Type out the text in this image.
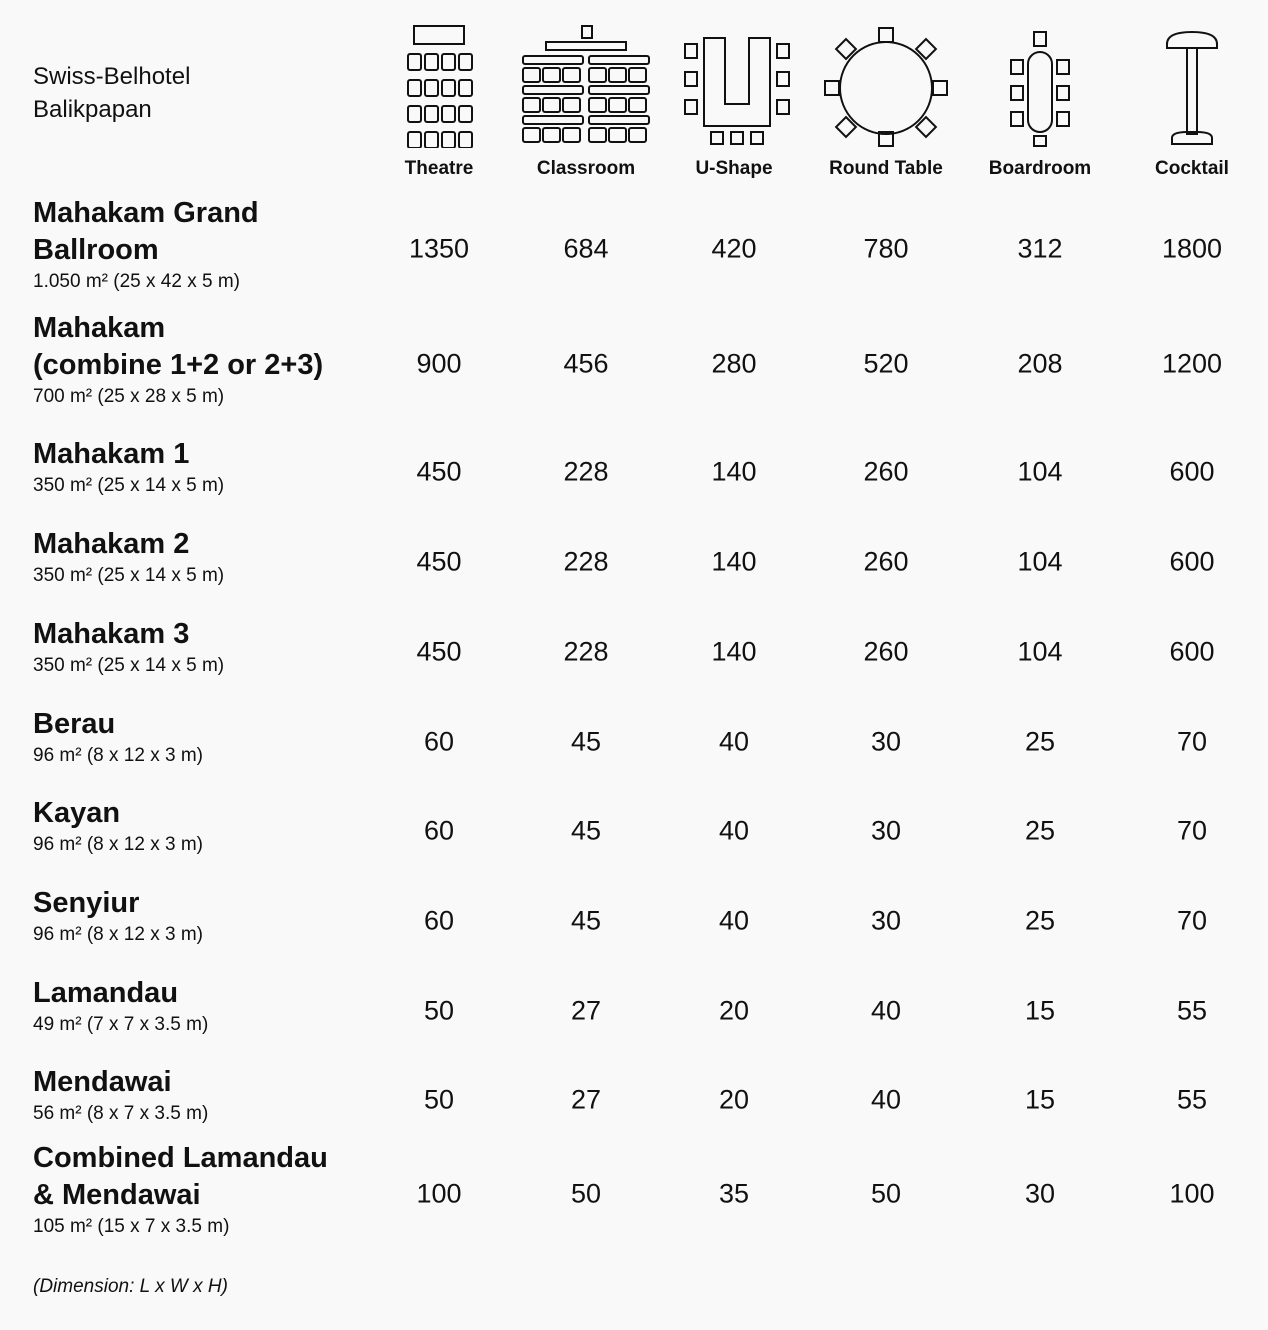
Swiss-Belhotel
Balikpapan
Theatre	Classroom	U-Shape	Round Table	Boardroom	Cocktail
Mahakam Grand
Ballroom
1.050 m² (25 x 42 x 5 m)
1350	684	420	780	312	1800
Mahakam
(combine 1+2 or 2+3)
700 m² (25 x 28 x 5 m)
900	456	280	520	208	1200
Mahakam 1
350 m² (25 x 14 x 5 m)	450	228	140	260	104	600
Mahakam 2
350 m² (25 x 14 x 5 m)	450	228	140	260	104	600
Mahakam 3
350 m² (25 x 14 x 5 m)	450	228	140	260	104	600
Berau
96 m² (8 x 12 x 3 m)	60	45	40	30	25	70
Kayan
96 m² (8 x 12 x 3 m)	60	45	40	30	25	70
Senyiur
96 m² (8 x 12 x 3 m)	60	45	40	30	25	70
Lamandau
49 m² (7 x 7 x 3.5 m)	50	27	20	40	15	55
Mendawai
56 m² (8 x 7 x 3.5 m)	50	27	20	40	15	55
Combined Lamandau
& Mendawai
105 m² (15 x 7 x 3.5 m)
100	50	35	50	30	100
(Dimension: L x W x H)
